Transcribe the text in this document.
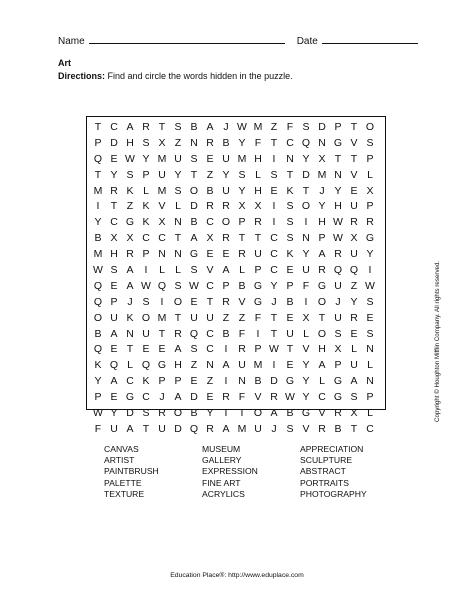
Name	Date
Art
Directions: Find and circle the words hidden in the puzzle.
T C A R T S B A J W M Z F S D P T O
P D H S X Z N R B Y F T C Q N G V S
Q E W Y M U S E U M H	I	N Y X T T P
T Y S P U Y T Z Y S L S T D M N V L
M R K L M S O B U Y H E K T J Y E X
I	T Z K V L D R R X X	I	S O Y H U P
Y C G K X N B C O P R	I	S	I	H W R R
B X X C C T A X R T T C S N P W X G
M H R P N N G E E R U C K Y A R U Y
W S A	I	L L S V A L P C E U R Q Q I
Q E A W Q S W C P B G Y P F G U Z W
Q P J S	I O E T R V G J B	I O J Y S
O U K O M T U U Z Z F T E X T U R E
B A N U T R Q C B F	I	T U L O S E S
Q E T E E A S C	I	R P W T V H X L N
K Q L Q G H Z N A U M I	E Y A P U L
Y A C K P P E Z	I	N B D G Y L G A N
P E G C J A D E R F V R W Y C G S P
W Y D S R O B Y T	I O A B G V R X L
F U A T U D Q R A M U J S V R B T C
CANVAS
ARTIST
PAINTBRUSH
PALETTE
TEXTURE
MUSEUM
GALLERY
EXPRESSION
FINE ART
ACRYLICS
APPRECIATION
SCULPTURE
ABSTRACT
PORTRAITS
PHOTOGRAPHY
Copyright © Houghton Mifflin Company. All rights reserved.
Education Place®: http://www.eduplace.com
